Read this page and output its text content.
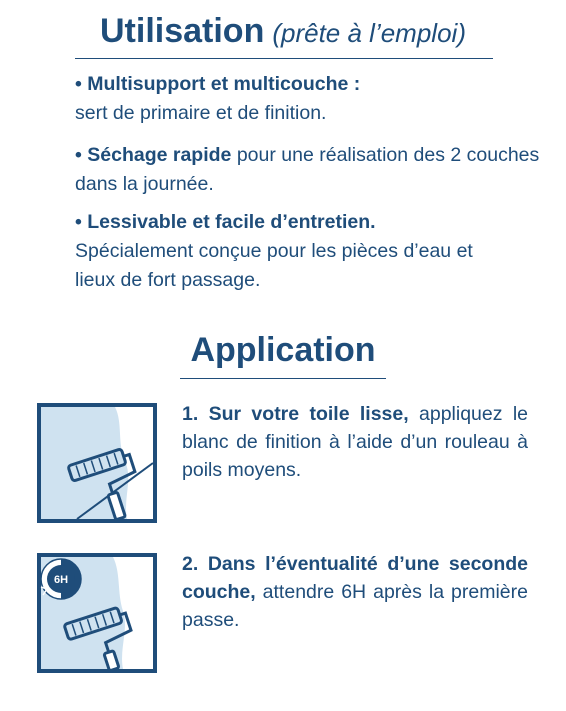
Utilisation (prête à l’emploi)
• Multisupport et multicouche :
sert de primaire et de finition.
• Séchage rapide pour une réalisation des 2 couches dans la journée.
• Lessivable et facile d’entretien.
Spécialement conçue pour les pièces d’eau et lieux de fort passage.
Application
1. Sur votre toile lisse, appliquez le blanc de finition à l’aide d’un rouleau à poils moyens.
6H
2. Dans l’éventualité d’une seconde couche, attendre 6H après la première passe.
